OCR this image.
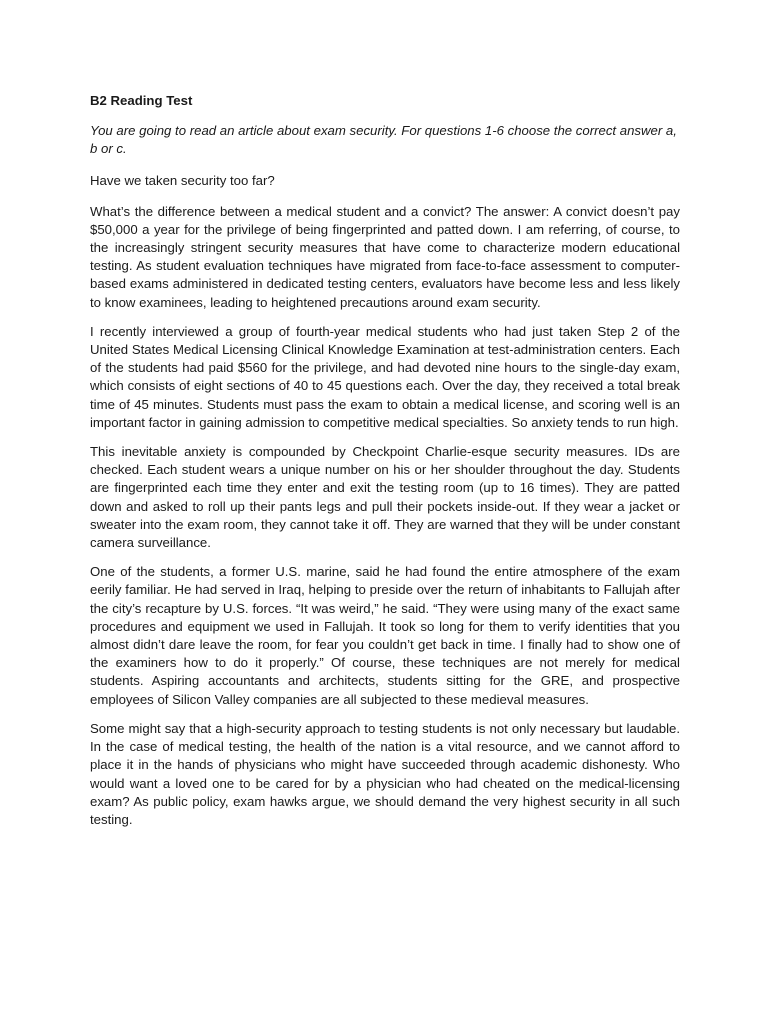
B2 Reading Test
You are going to read an article about exam security. For questions 1-6 choose the correct answer a, b or c.
Have we taken security too far?

What’s the difference between a medical student and a convict? The answer: A convict doesn’t pay $50,000 a year for the privilege of being fingerprinted and patted down. I am referring, of course, to the increasingly stringent security measures that have come to characterize modern educational testing. As student evaluation techniques have migrated from face-to-face assessment to computer-based exams administered in dedicated testing centers, evaluators have become less and less likely to know examinees, leading to heightened precautions around exam security.

I recently interviewed a group of fourth-year medical students who had just taken Step 2 of the United States Medical Licensing Clinical Knowledge Examination at test-administration centers. Each of the students had paid $560 for the privilege, and had devoted nine hours to the single-day exam, which consists of eight sections of 40 to 45 questions each. Over the day, they received a total break time of 45 minutes. Students must pass the exam to obtain a medical license, and scoring well is an important factor in gaining admission to competitive medical specialties. So anxiety tends to run high.

This inevitable anxiety is compounded by Checkpoint Charlie-esque security measures. IDs are checked. Each student wears a unique number on his or her shoulder throughout the day. Students are fingerprinted each time they enter and exit the testing room (up to 16 times). They are patted down and asked to roll up their pants legs and pull their pockets inside-out. If they wear a jacket or sweater into the exam room, they cannot take it off. They are warned that they will be under constant camera surveillance.

One of the students, a former U.S. marine, said he had found the entire atmosphere of the exam eerily familiar. He had served in Iraq, helping to preside over the return of inhabitants to Fallujah after the city’s recapture by U.S. forces. “It was weird,” he said. “They were using many of the exact same procedures and equipment we used in Fallujah. It took so long for them to verify identities that you almost didn’t dare leave the room, for fear you couldn’t get back in time. I finally had to show one of the examiners how to do it properly.” Of course, these techniques are not merely for medical students. Aspiring accountants and architects, students sitting for the GRE, and prospective employees of Silicon Valley companies are all subjected to these medieval measures.

Some might say that a high-security approach to testing students is not only necessary but laudable. In the case of medical testing, the health of the nation is a vital resource, and we cannot afford to place it in the hands of physicians who might have succeeded through academic dishonesty. Who would want a loved one to be cared for by a physician who had cheated on the medical-licensing exam? As public policy, exam hawks argue, we should demand the very highest security in all such testing.
